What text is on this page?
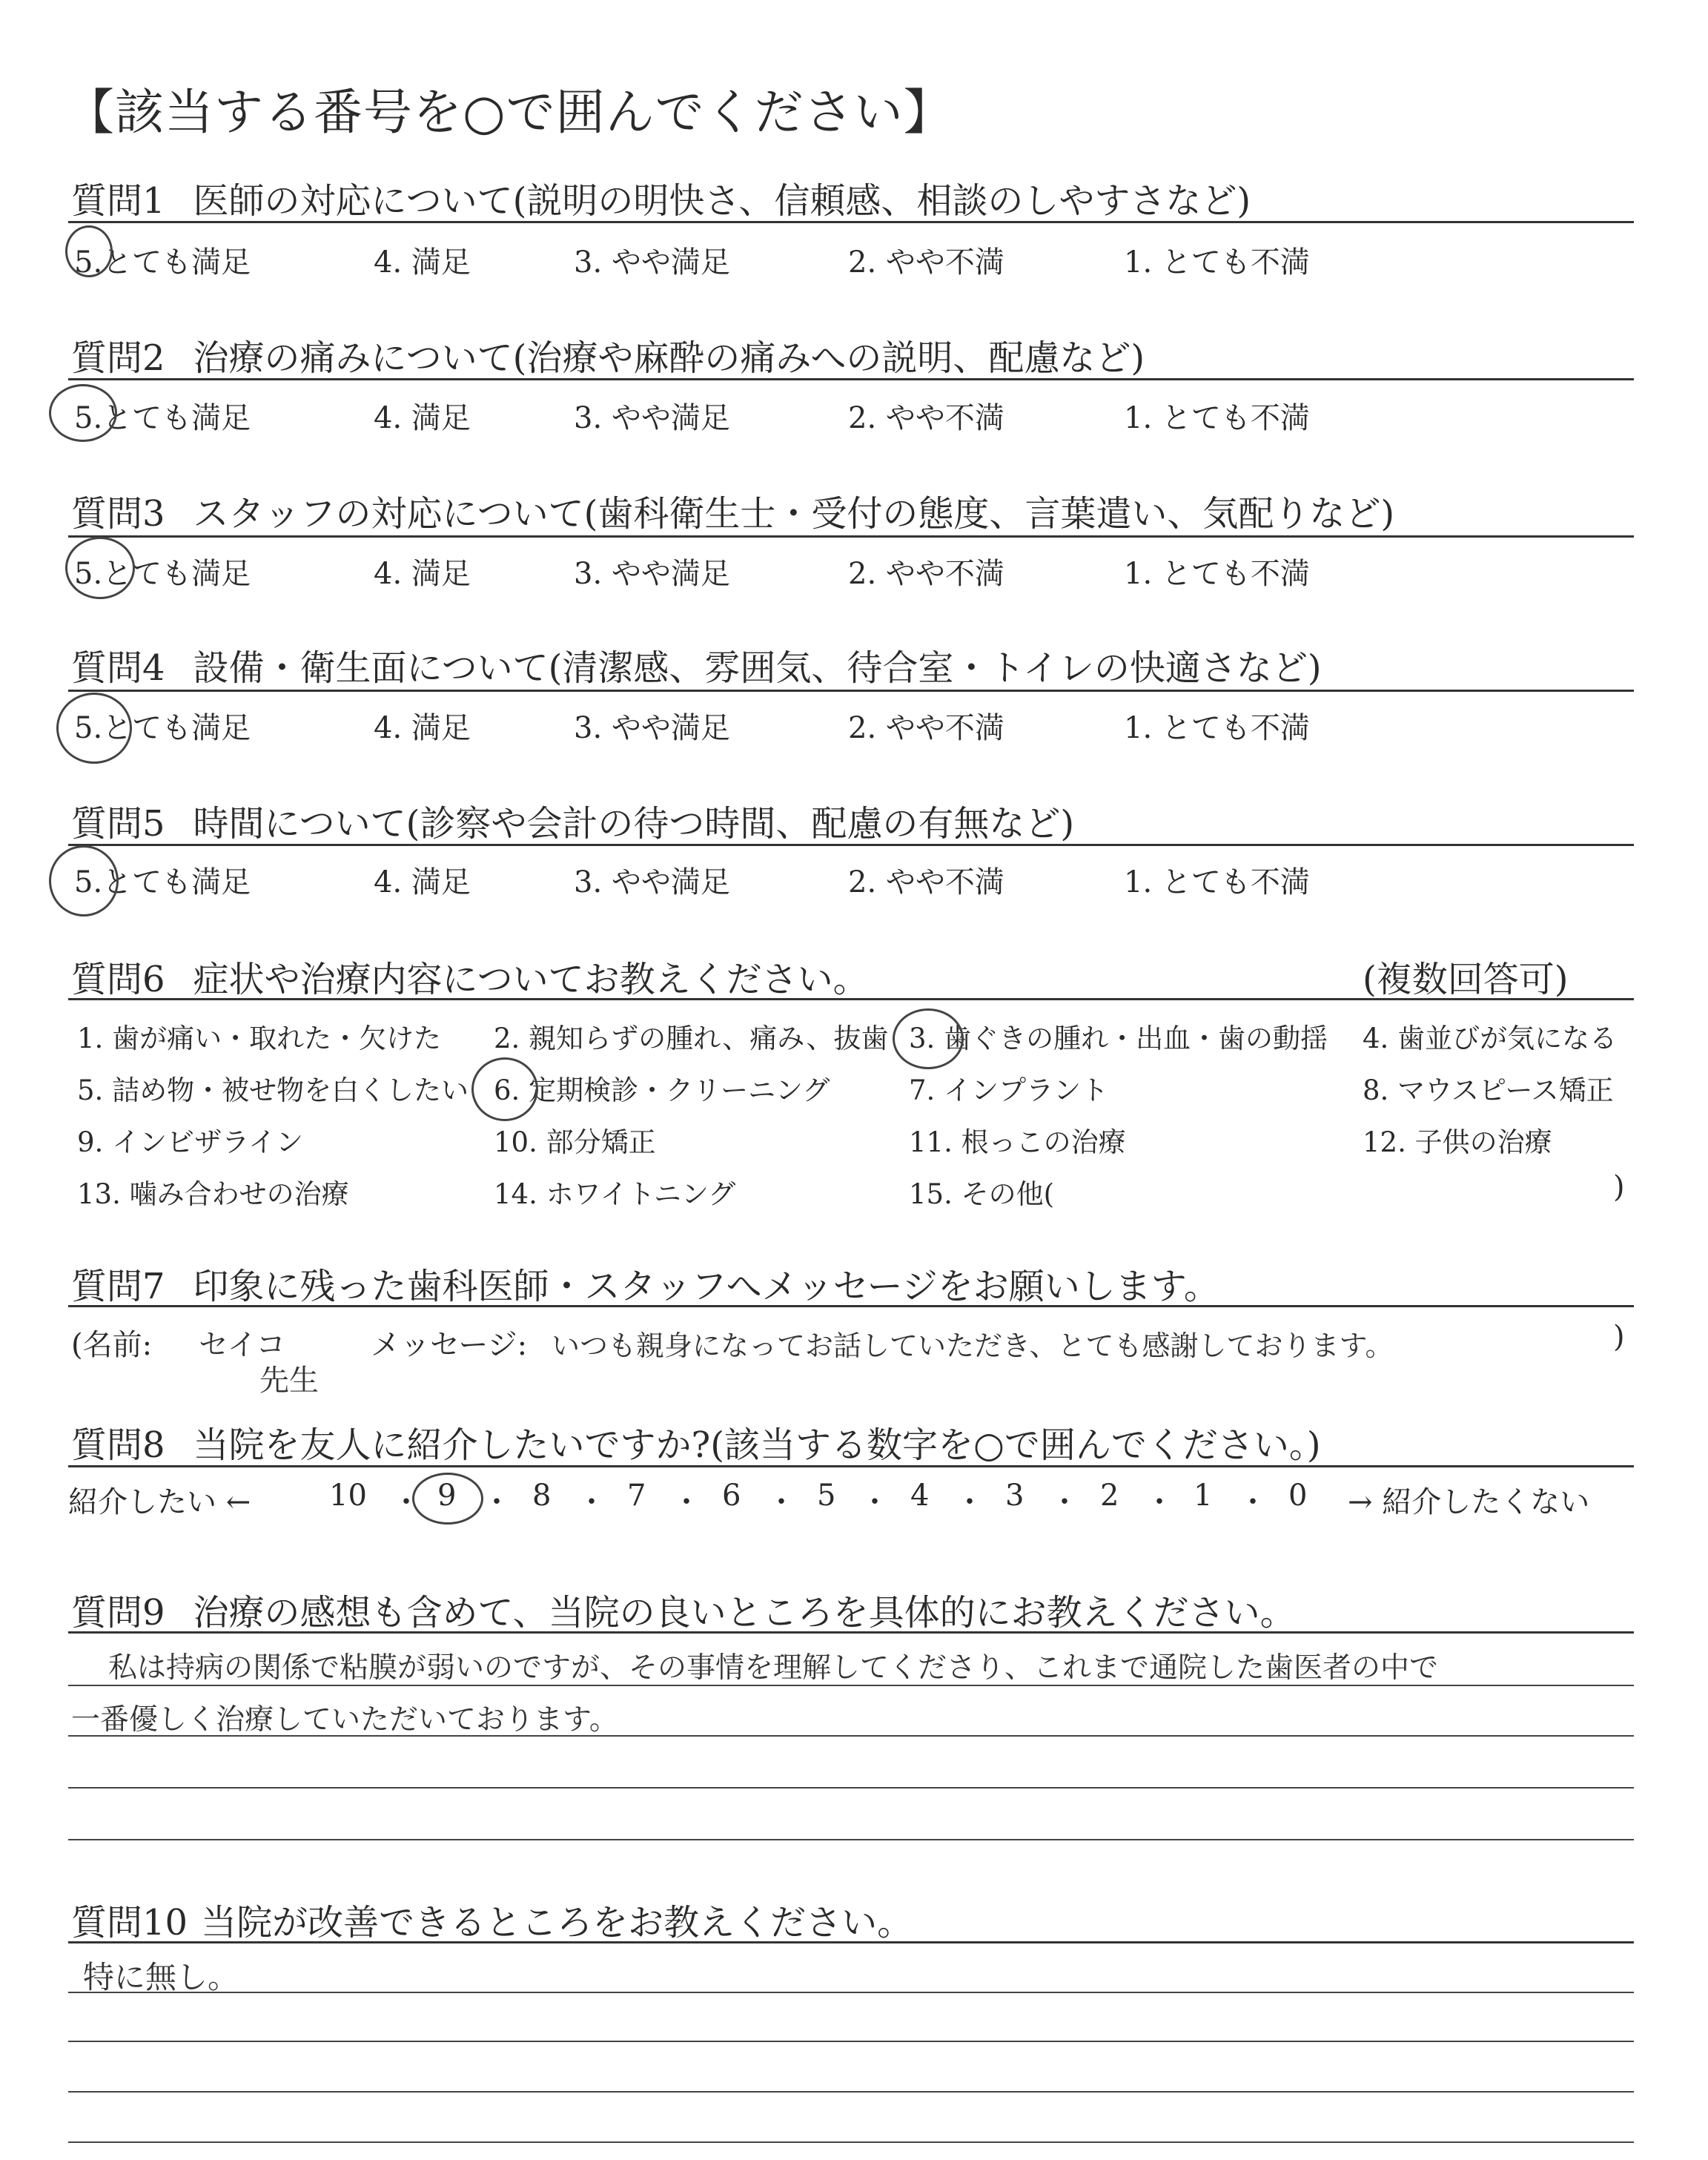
【該当する番号を○で囲んでください】
質問1 医師の対応について(説明の明快さ、信頼感、相談のしやすさなど)
5.とても満足	4. 満足	3. やや満足	2. やや不満	1. とても不満
質問2 治療の痛みについて(治療や麻酔の痛みへの説明、配慮など)
5.とても満足	4. 満足	3. やや満足	2. やや不満	1. とても不満
質問3 スタッフの対応について(歯科衛生士・受付の態度、言葉遣い、気配りなど)
5.とても満足	4. 満足	3. やや満足	2. やや不満	1. とても不満
質問4 設備・衛生面について(清潔感、雰囲気、待合室・トイレの快適さなど)
5.とても満足	4. 満足	3. やや満足	2. やや不満	1. とても不満
質問5 時間について(診察や会計の待つ時間、配慮の有無など)
5.とても満足	4. 満足	3. やや満足	2. やや不満	1. とても不満
質問6 症状や治療内容についてお教えください。	(複数回答可)
1. 歯が痛い・取れた・欠けた 2. 親知らずの腫れ、痛み、抜歯 3. 歯ぐきの腫れ・出血・歯の動揺 4. 歯並びが気になる
5. 詰め物・被せ物を白くしたい 6. 定期検診・クリーニング	7. インプラント	8. マウスピース矯正
9. インビザライン	10. 部分矯正	11. 根っこの治療	12. 子供の治療
13. 噛み合わせの治療	14. ホワイトニング	15. その他(	)
質問7 印象に残った歯科医師・スタッフへメッセージをお願いします。
(名前: セイコ
先生
メッセージ: いつも親身になってお話していただき、とても感謝しております。	)
質問8 当院を友人に紹介したいですか?(該当する数字を○で囲んでください。)
紹介したい ←	10 ・ 9 ・ 8 ・ 7 ・ 6 ・ 5 ・ 4 ・ 3 ・ 2 ・ 1 ・ 0 → 紹介したくない
質問9 治療の感想も含めて、当院の良いところを具体的にお教えください。
私は持病の関係で粘膜が弱いのですが、その事情を理解してくださり、これまで通院した歯医者の中で
一番優しく治療していただいております。
質問10 当院が改善できるところをお教えください。
特に無し。
